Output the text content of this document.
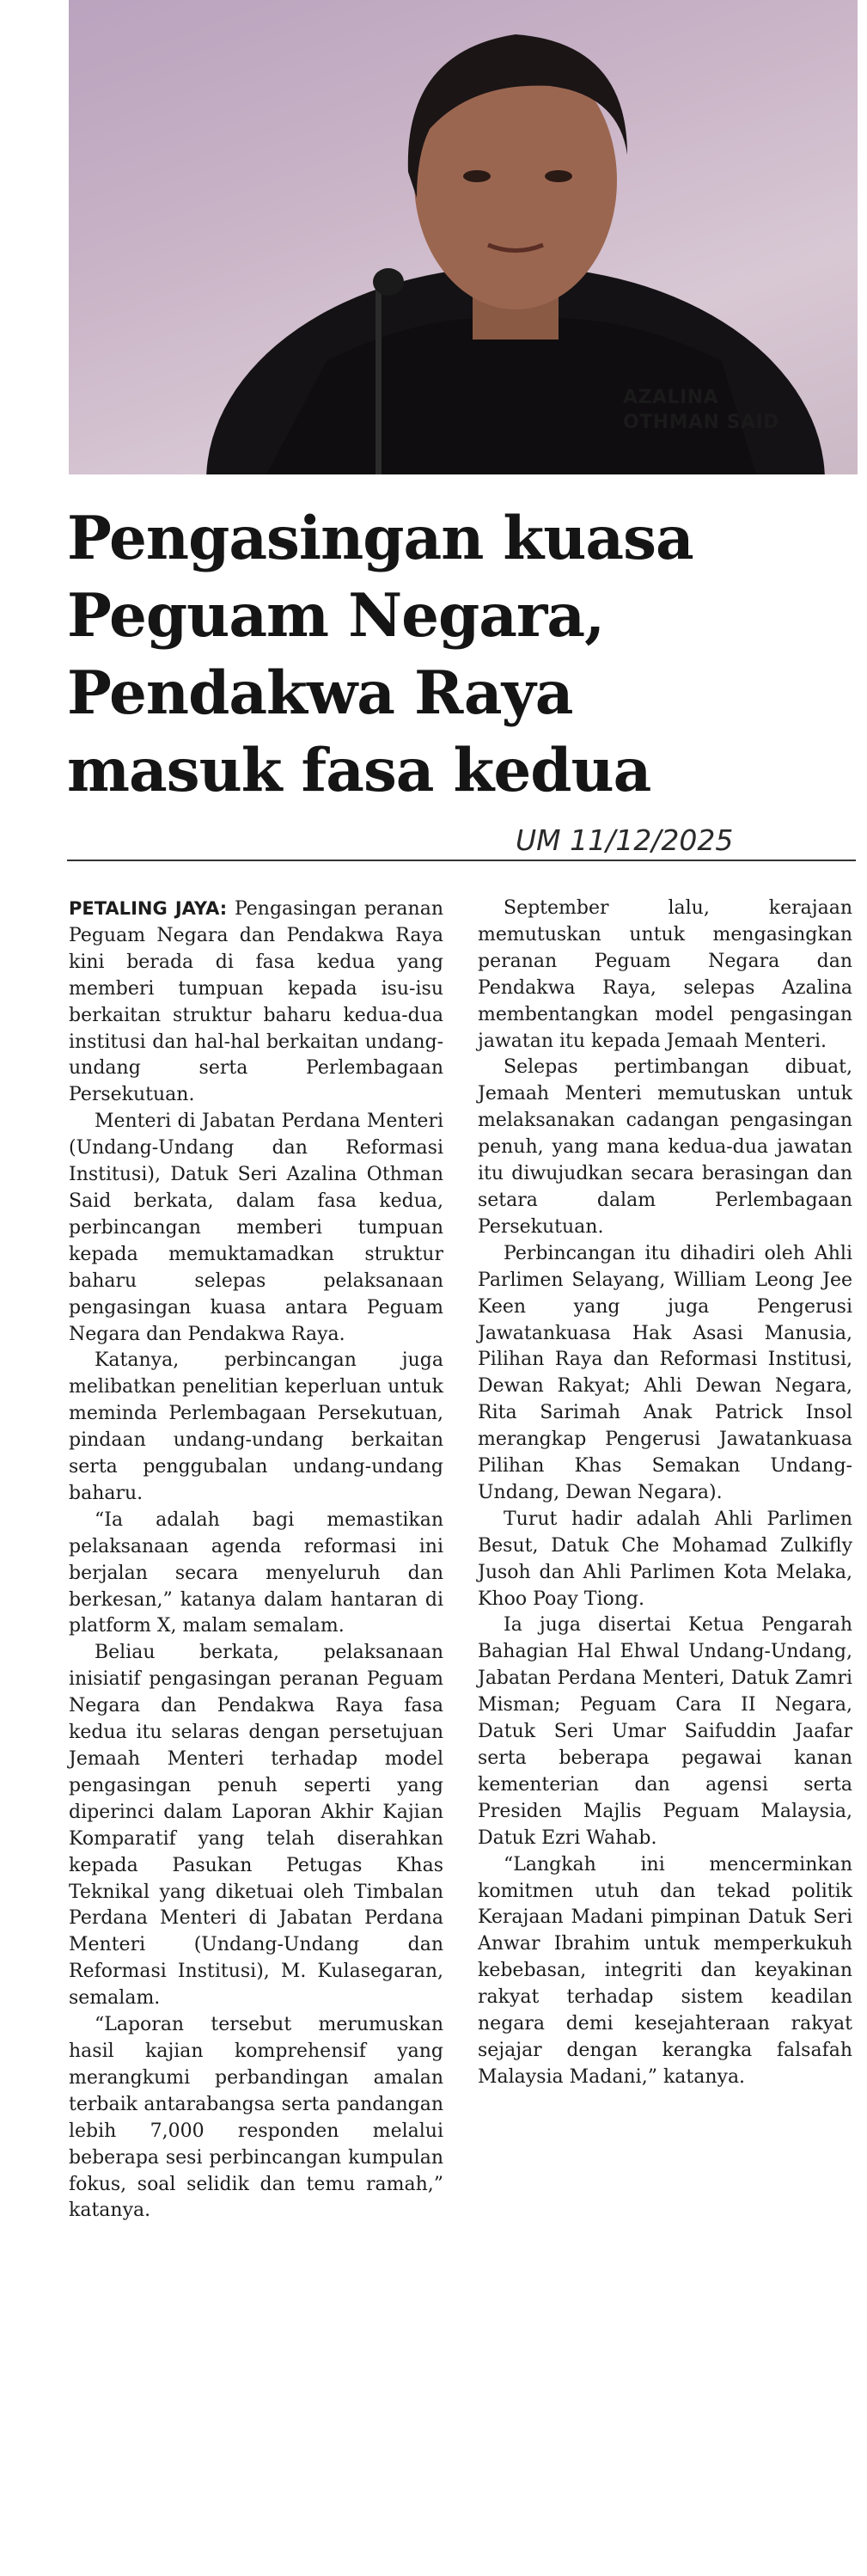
AZALINA
OTHMAN SAID
Pengasingan kuasa
Peguam Negara,
Pendakwa Raya
masuk fasa kedua
UM 11/12/2025

PETALING JAYA: Pengasingan peranan Peguam Negara dan Pendakwa Raya kini berada di fasa kedua yang memberi tumpuan kepada isu-isu berkaitan struktur baharu kedua-dua institusi dan hal-hal berkaitan undang-undang serta Perlembagaan Persekutuan.

Menteri di Jabatan Perdana Menteri (Undang-Undang dan Reformasi Institusi), Datuk Seri Azalina Othman Said berkata, dalam fasa kedua, perbincangan memberi tumpuan kepada memuktamadkan struktur baharu selepas pelaksanaan pengasingan kuasa antara Peguam Negara dan Pendakwa Raya.

Katanya, perbincangan juga melibatkan penelitian keperluan untuk meminda Perlembagaan Persekutuan, pindaan undang-undang berkaitan serta penggubalan undang-undang baharu.

“Ia adalah bagi memastikan pelaksanaan agenda reformasi ini berjalan secara menyeluruh dan berkesan,” katanya dalam hantaran di platform X, malam semalam.

Beliau berkata, pelaksanaan inisiatif pengasingan peranan Peguam Negara dan Pendakwa Raya fasa kedua itu selaras dengan persetujuan Jemaah Menteri terhadap model pengasingan penuh seperti yang diperinci dalam Laporan Akhir Kajian Komparatif yang telah diserahkan kepada Pasukan Petugas Khas Teknikal yang diketuai oleh Timbalan Perdana Menteri di Jabatan Perdana Menteri (Undang-Undang dan Reformasi Institusi), M. Kulasegaran, semalam.

“Laporan tersebut merumuskan hasil kajian komprehensif yang merangkumi perbandingan amalan terbaik antarabangsa serta pandangan lebih 7,000 responden melalui beberapa sesi perbincangan kumpulan fokus, soal selidik dan temu ramah,” katanya.

September lalu, kerajaan memutuskan untuk mengasingkan peranan Peguam Negara dan Pendakwa Raya, selepas Azalina membentangkan model pengasingan jawatan itu kepada Jemaah Menteri.

Selepas pertimbangan dibuat, Jemaah Menteri memutuskan untuk melaksanakan cadangan pengasingan penuh, yang mana kedua-dua jawatan itu diwujudkan secara berasingan dan setara dalam Perlembagaan Persekutuan.

Perbincangan itu dihadiri oleh Ahli Parlimen Selayang, William Leong Jee Keen yang juga Pengerusi Jawatankuasa Hak Asasi Manusia, Pilihan Raya dan Reformasi Institusi, Dewan Rakyat; Ahli Dewan Negara, Rita Sarimah Anak Patrick Insol merangkap Pengerusi Jawatankuasa Pilihan Khas Semakan Undang-Undang, Dewan Negara).

Turut hadir adalah Ahli Parlimen Besut, Datuk Che Mohamad Zulkifly Jusoh dan Ahli Parlimen Kota Melaka, Khoo Poay Tiong.

Ia juga disertai Ketua Pengarah Bahagian Hal Ehwal Undang-Undang, Jabatan Perdana Menteri, Datuk Zamri Misman; Peguam Cara II Negara, Datuk Seri Umar Saifuddin Jaafar serta beberapa pegawai kanan kementerian dan agensi serta Presiden Majlis Peguam Malaysia, Datuk Ezri Wahab.

“Langkah ini mencerminkan komitmen utuh dan tekad politik Kerajaan Madani pimpinan Datuk Seri Anwar Ibrahim untuk memperkukuh kebebasan, integriti dan keyakinan rakyat terhadap sistem keadilan negara demi kesejahteraan rakyat sejajar dengan kerangka falsafah Malaysia Madani,” katanya.
